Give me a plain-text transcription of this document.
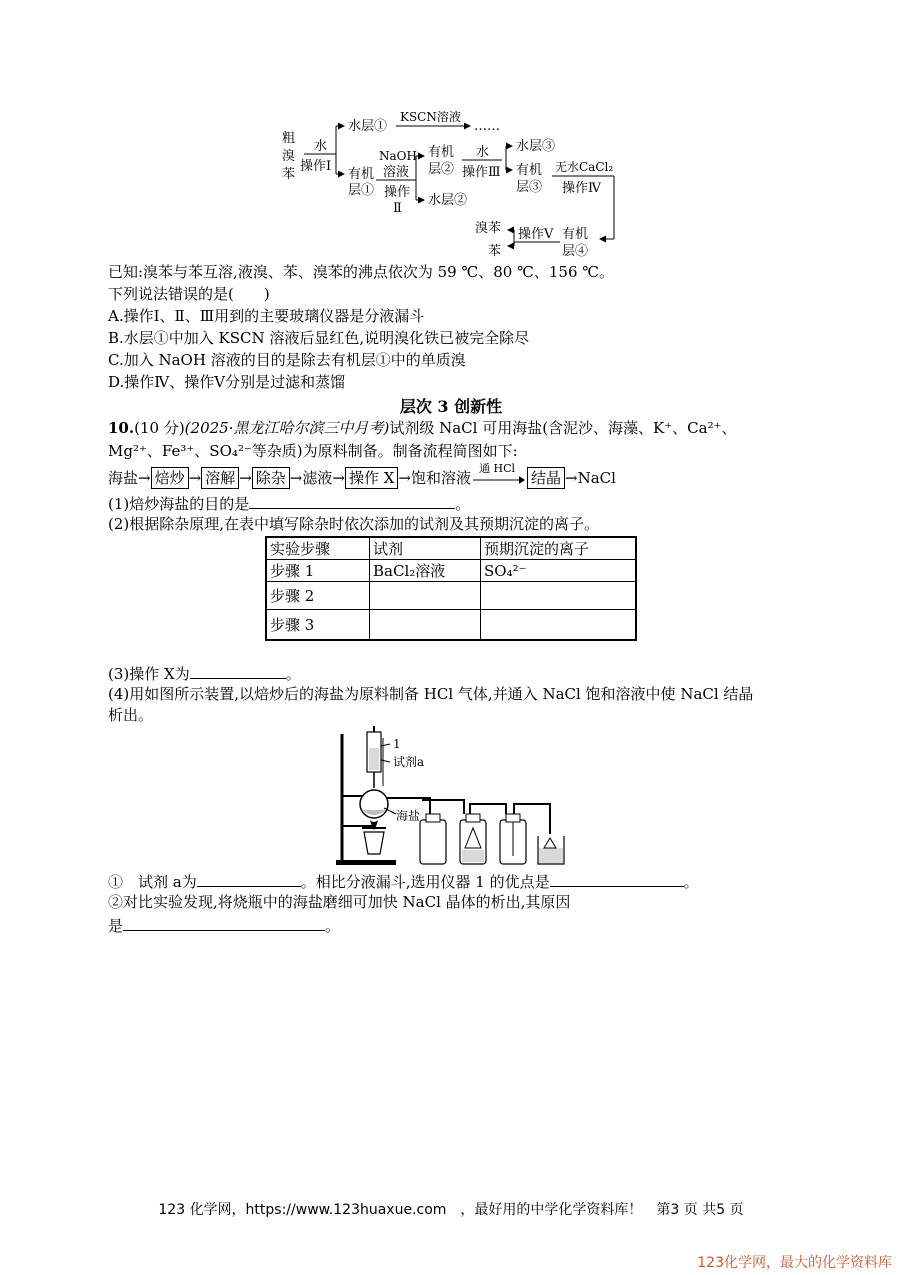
粗
溴
苯
水
操作Ⅰ
水层①
KSCN溶液
……
有机
层①
NaOH
溶液
操作
Ⅱ
有机
层②
水层②
水
操作Ⅲ
水层③
有机
层③
无水CaCl₂
操作Ⅳ
有机
层④
操作Ⅴ
溴苯
苯
已知:溴苯与苯互溶,液溴、苯、溴苯的沸点依次为 59 ℃、80 ℃、156 ℃。
下列说法错误的是(　　)
A.操作Ⅰ、Ⅱ、Ⅲ用到的主要玻璃仪器是分液漏斗
B.水层①中加入 KSCN 溶液后显红色,说明溴化铁已被完全除尽
C.加入 NaOH 溶液的目的是除去有机层①中的单质溴
D.操作Ⅳ、操作Ⅴ分别是过滤和蒸馏
层次 3 创新性
10.(10 分)(2025·黑龙江哈尔滨三中月考)试剂级 NaCl 可用海盐(含泥沙、海藻、K⁺、Ca²⁺、
Mg²⁺、Fe³⁺、SO₄²⁻等杂质)为原料制备。制备流程简图如下:
海盐→ 焙炒 → 溶解 → 除杂 →滤液→ 操作 X →饱和溶液
通 HCl
结晶 →NaCl
(1)焙炒海盐的目的是	。
(2)根据除杂原理,在表中填写除杂时依次添加的试剂及其预期沉淀的离子。
实验步骤	试剂	预期沉淀的离子
步骤 1	BaCl₂溶液	SO₄²⁻
步骤 2		
步骤 3		
(3)操作 X为	。
(4)用如图所示装置,以焙炒后的海盐为原料制备 HCl 气体,并通入 NaCl 饱和溶液中使 NaCl 结晶
析出。
1
试剂a
海盐
①　试剂 a为	。相比分液漏斗,选用仪器 1 的优点是	。
②对比实验发现,将烧瓶中的海盐磨细可加快 NaCl 晶体的析出,其原因
是	。
123 化学网，https://www.123huaxue.com　，最好用的中学化学资料库！　第3 页 共5 页
123化学网，最大的化学资料库
